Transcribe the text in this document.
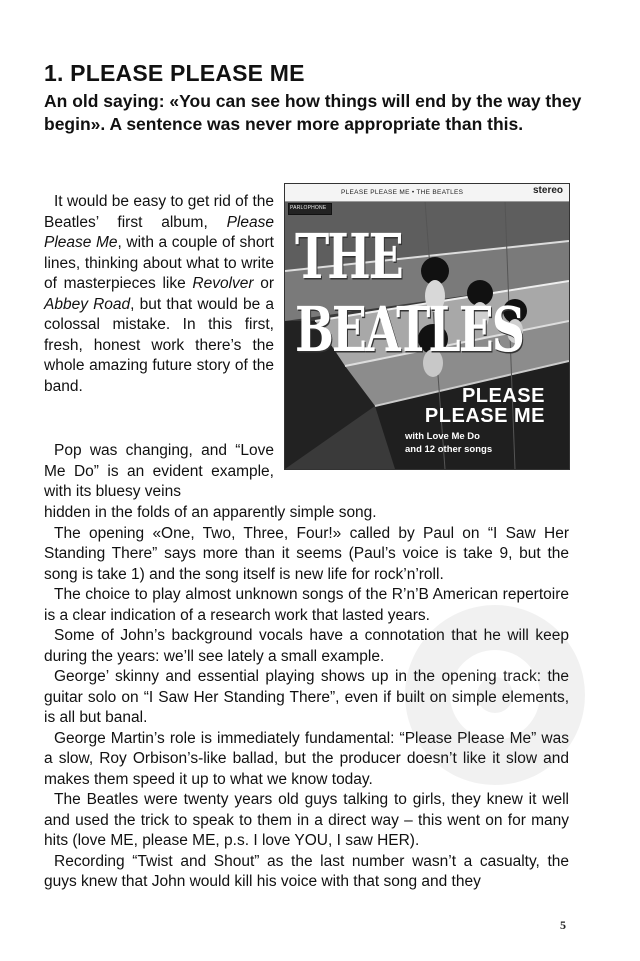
1. PLEASE PLEASE ME
An old saying: «You can see how things will end by the way they begin». A sentence was never more appropriate than this.
PLEASE PLEASE ME • THE BEATLES	stereo
PARLOPHONE
THE BEATLES
PLEASE
PLEASE ME
with Love Me Do
and 12 other songs

It would be easy to get rid of the Beatles’ first album, Please Please Me, with a couple of short lines, thinking about what to write of masterpieces like Revolver or Abbey Road, but that would be a colossal mistake. In this first, fresh, honest work there’s the whole amazing future story of the band.

Pop was changing, and “Love Me Do” is an evident example, with its bluesy veins

hidden in the folds of an apparently simple song.

The opening «One, Two, Three, Four!» called by Paul on “I Saw Her Standing There” says more than it seems (Paul’s voice is take 9, but the song is take 1) and the song itself is new life for rock’n’roll.

The choice to play almost unknown songs of the R’n’B American repertoire is a clear indication of a research work that lasted years.

Some of John’s background vocals have a connotation that he will keep during the years: we’ll see lately a small example.

George’ skinny and essential playing shows up in the opening track: the guitar solo on “I Saw Her Standing There”, even if built on simple elements, is all but banal.

George Martin’s role is immediately fundamental: “Please Please Me” was a slow, Roy Orbison’s-like ballad, but the producer doesn’t like it slow and makes them speed it up to what we know today.

The Beatles were twenty years old guys talking to girls, they knew it well and used the trick to speak to them in a direct way – this went on for many hits (love ME, please ME, p.s. I love YOU, I saw HER).

Recording “Twist and Shout” as the last number wasn’t a casualty, the guys knew that John would kill his voice with that song and they

5
